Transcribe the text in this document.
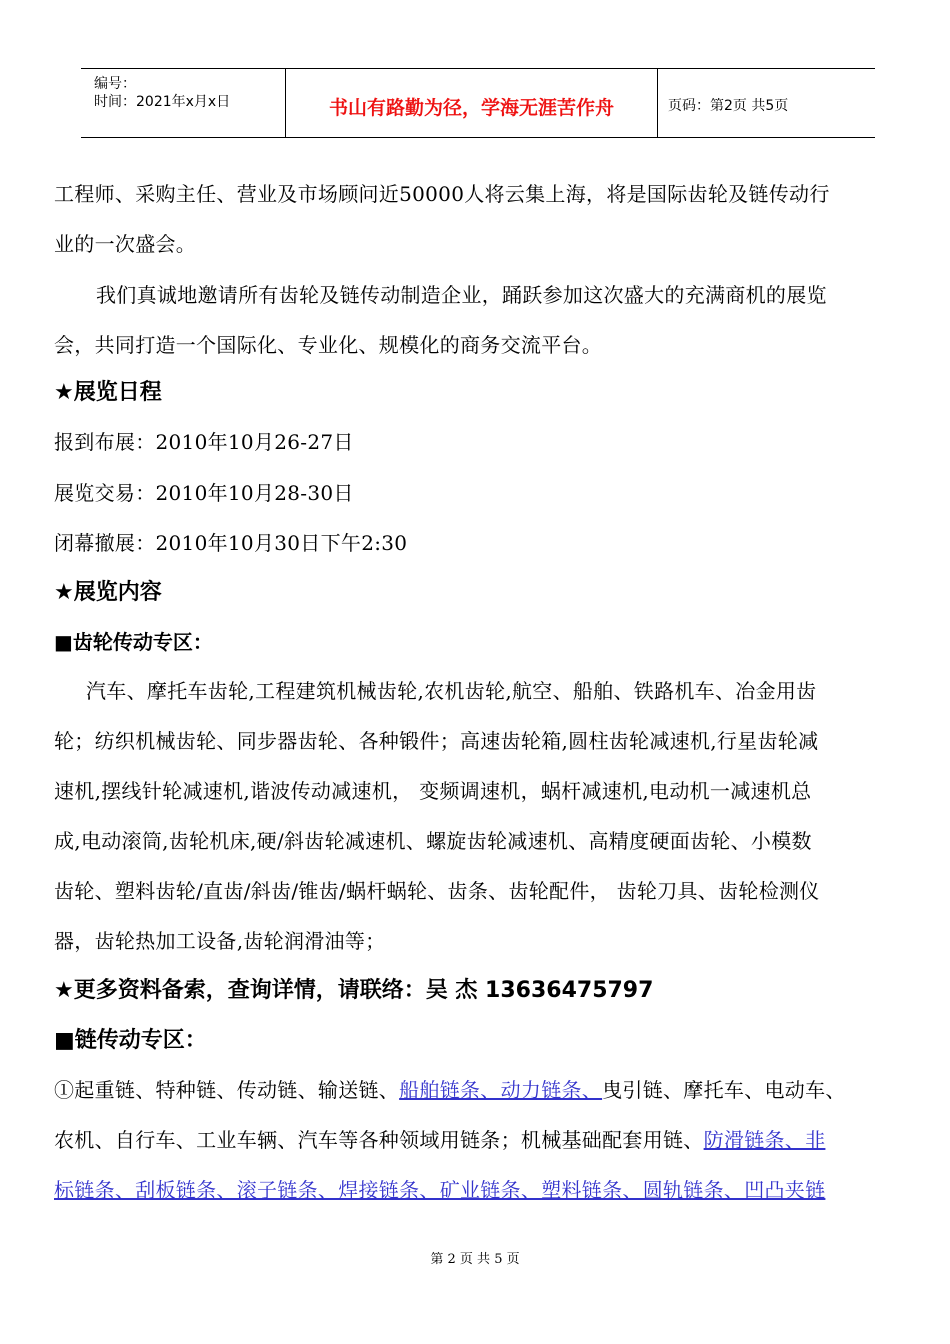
编号：
时间：2021年x月x日	书山有路勤为径，学海无涯苦作舟	页码：第2页 共5页
工程师、采购主任、营业及市场顾问近50000人将云集上海，将是国际齿轮及链传动行
业的一次盛会。
我们真诚地邀请所有齿轮及链传动制造企业，踊跃参加这次盛大的充满商机的展览
会，共同打造一个国际化、专业化、规模化的商务交流平台。
★展览日程
报到布展：2010年10月26-27日
展览交易：2010年10月28-30日
闭幕撤展：2010年10月30日下午2:30
★展览内容
■齿轮传动专区：
汽车、摩托车齿轮,工程建筑机械齿轮,农机齿轮,航空、船舶、铁路机车、冶金用齿
轮；纺织机械齿轮、同步器齿轮、各种锻件；高速齿轮箱,圆柱齿轮减速机,行星齿轮减
速机,摆线针轮减速机,谐波传动减速机， 变频调速机，蜗杆减速机,电动机一减速机总
成,电动滚筒,齿轮机床,硬/斜齿轮减速机、螺旋齿轮减速机、高精度硬面齿轮、小模数
齿轮、塑料齿轮/直齿/斜齿/锥齿/蜗杆蜗轮、齿条、齿轮配件， 齿轮刀具、齿轮检测仪
器，齿轮热加工设备,齿轮润滑油等；
★更多资料备索，查询详情，请联络：吴 杰 13636475797
■链传动专区：
①起重链、特种链、传动链、输送链、船舶链条、动力链条、曳引链、摩托车、电动车、
农机、自行车、工业车辆、汽车等各种领域用链条；机械基础配套用链、防滑链条、非
标链条、刮板链条、滚子链条、焊接链条、矿业链条、塑料链条、圆轨链条、凹凸夹链
第 2 页 共 5 页
